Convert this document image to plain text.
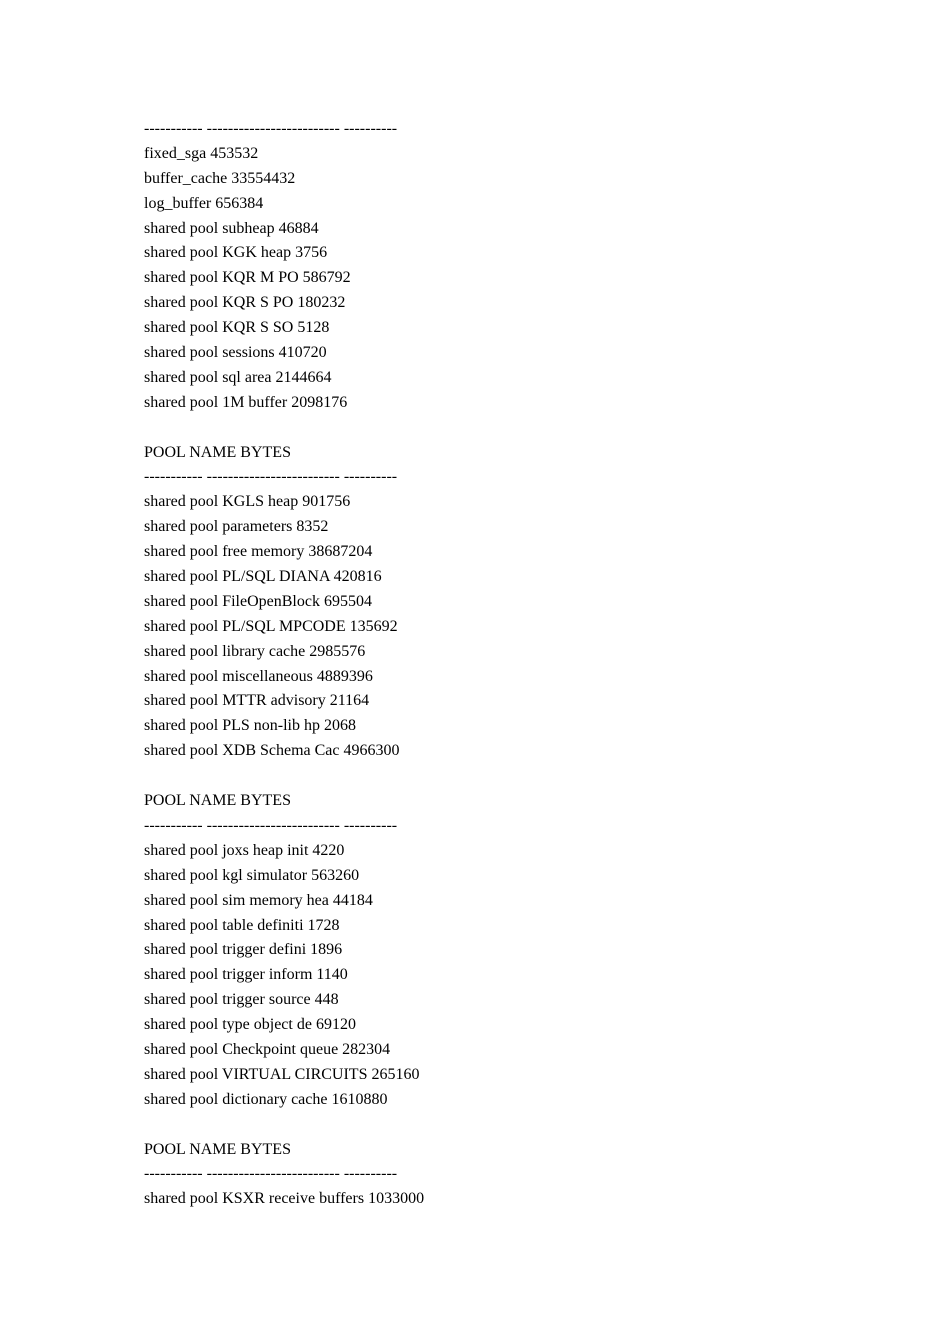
----------- ------------------------- ----------
fixed_sga 453532
buffer_cache 33554432
log_buffer 656384
shared pool subheap 46884
shared pool KGK heap 3756
shared pool KQR M PO 586792
shared pool KQR S PO 180232
shared pool KQR S SO 5128
shared pool sessions 410720
shared pool sql area 2144664
shared pool 1M buffer 2098176
POOL NAME BYTES
----------- ------------------------- ----------
shared pool KGLS heap 901756
shared pool parameters 8352
shared pool free memory 38687204
shared pool PL/SQL DIANA 420816
shared pool FileOpenBlock 695504
shared pool PL/SQL MPCODE 135692
shared pool library cache 2985576
shared pool miscellaneous 4889396
shared pool MTTR advisory 21164
shared pool PLS non-lib hp 2068
shared pool XDB Schema Cac 4966300
POOL NAME BYTES
----------- ------------------------- ----------
shared pool joxs heap init 4220
shared pool kgl simulator 563260
shared pool sim memory hea 44184
shared pool table definiti 1728
shared pool trigger defini 1896
shared pool trigger inform 1140
shared pool trigger source 448
shared pool type object de 69120
shared pool Checkpoint queue 282304
shared pool VIRTUAL CIRCUITS 265160
shared pool dictionary cache 1610880
POOL NAME BYTES
----------- ------------------------- ----------
shared pool KSXR receive buffers 1033000
